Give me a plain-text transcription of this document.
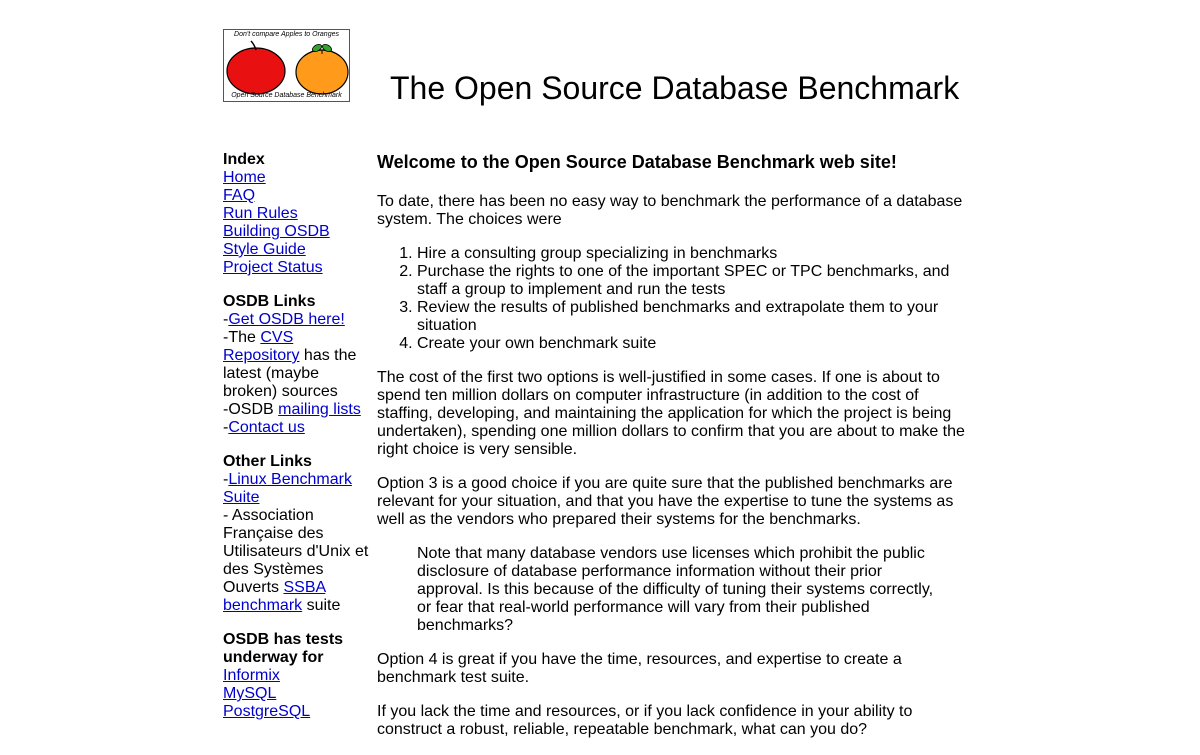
Don't compare Apples to Oranges
Open Source Database Benchmark The Open Source Database Benchmark
Index
Home
FAQ
Run Rules
Building OSDB
Style Guide
Project Status
OSDB Links
-Get OSDB here!
-The CVS Repository has the latest (maybe broken) sources
-OSDB mailing lists
-Contact us
Other Links
-Linux Benchmark Suite
- Association Française des Utilisateurs d'Unix et des Systèmes Ouverts SSBA benchmark suite
OSDB has tests underway for
Informix
MySQL
PostgreSQL
Welcome to the Open Source Database Benchmark web site!

To date, there has been no easy way to benchmark the performance of a database system. The choices were

1. Hire a consulting group specializing in benchmarks
2. Purchase the rights to one of the important SPEC or TPC benchmarks, and staff a group to implement and run the tests
3. Review the results of published benchmarks and extrapolate them to your situation
4. Create your own benchmark suite

The cost of the first two options is well-justified in some cases. If one is about to spend ten million dollars on computer infrastructure (in addition to the cost of staffing, developing, and maintaining the application for which the project is being undertaken), spending one million dollars to confirm that you are about to make the right choice is very sensible.

Option 3 is a good choice if you are quite sure that the published benchmarks are relevant for your situation, and that you have the expertise to tune the systems as well as the vendors who prepared their systems for the benchmarks.

Note that many database vendors use licenses which prohibit the public disclosure of database performance information without their prior approval. Is this because of the difficulty of tuning their systems correctly, or fear that real-world performance will vary from their published benchmarks?

Option 4 is great if you have the time, resources, and expertise to create a benchmark test suite.

If you lack the time and resources, or if you lack confidence in your ability to construct a robust, reliable, repeatable benchmark, what can you do?
